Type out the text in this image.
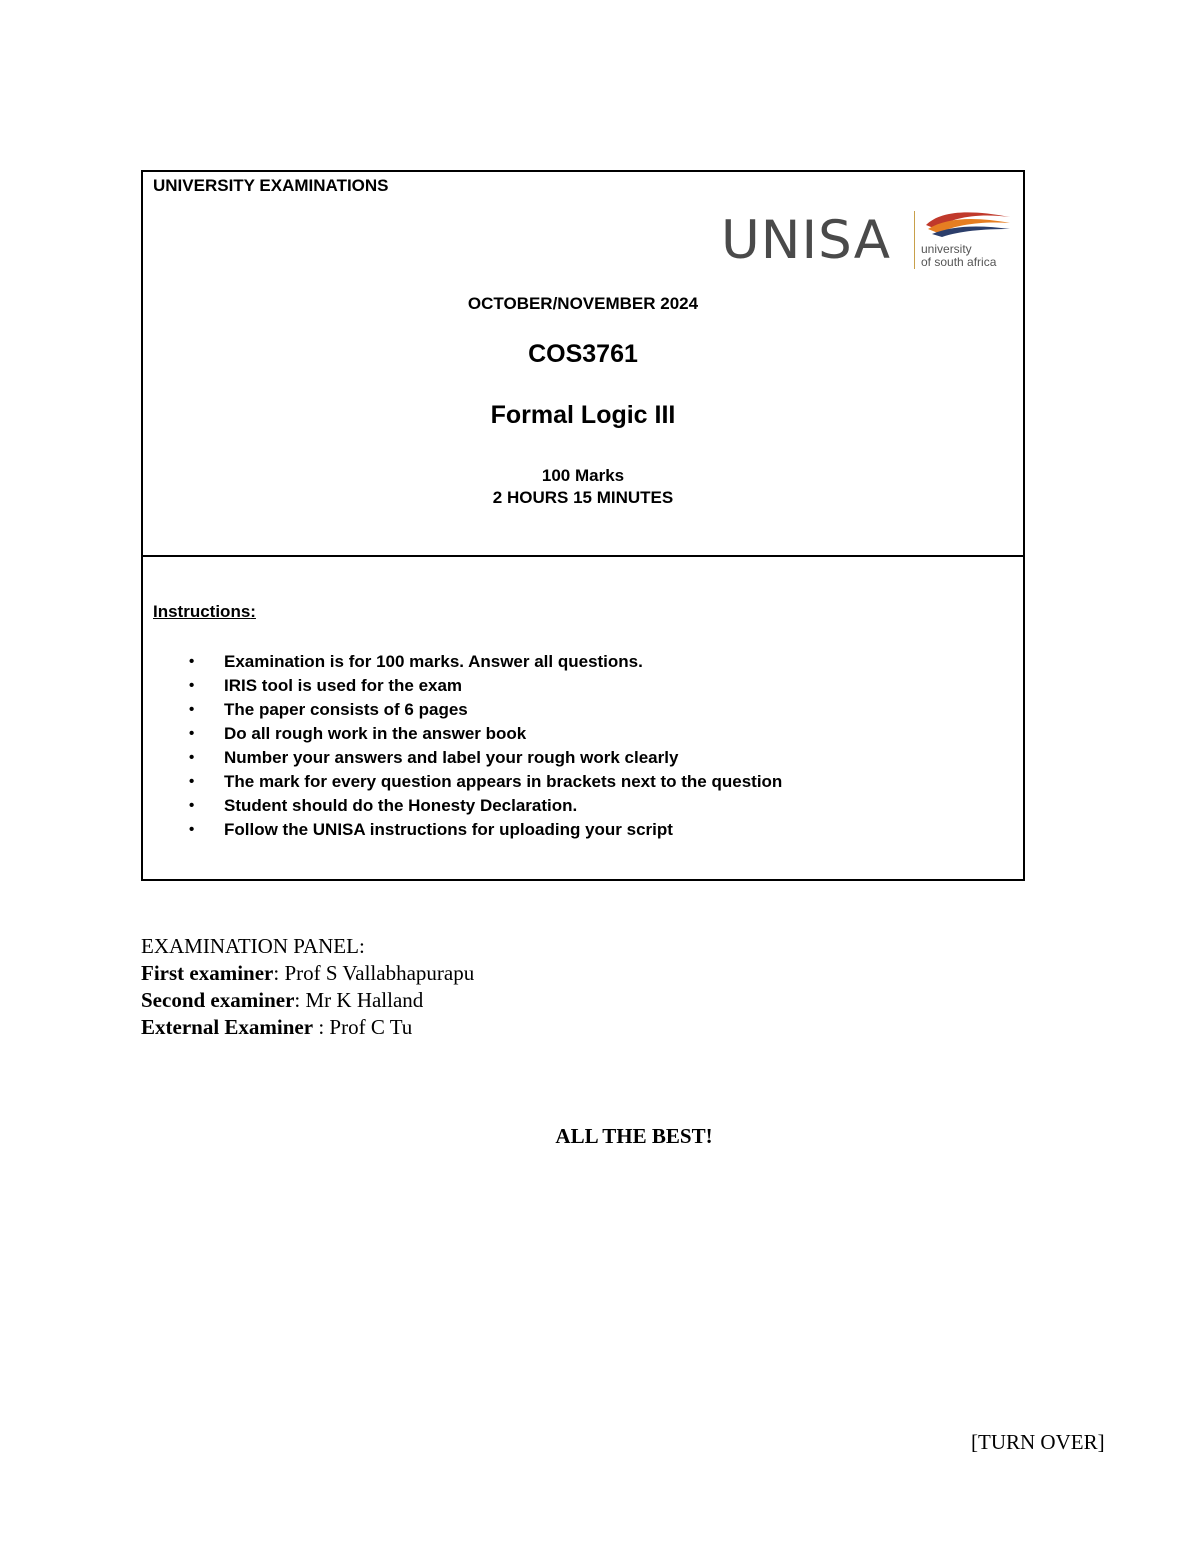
UNIVERSITY EXAMINATIONS
UNISA	university
of south africa
OCTOBER/NOVEMBER 2024
COS3761
Formal Logic III
100 Marks
2 HOURS 15 MINUTES
Instructions:
• Examination is for 100 marks. Answer all questions.
• IRIS tool is used for the exam
• The paper consists of 6 pages
• Do all rough work in the answer book
• Number your answers and label your rough work clearly
• The mark for every question appears in brackets next to the question
• Student should do the Honesty Declaration.
• Follow the UNISA instructions for uploading your script
EXAMINATION PANEL:
First examiner: Prof S Vallabhapurapu
Second examiner: Mr K Halland
External Examiner : Prof C Tu
ALL THE BEST!
[TURN OVER]
